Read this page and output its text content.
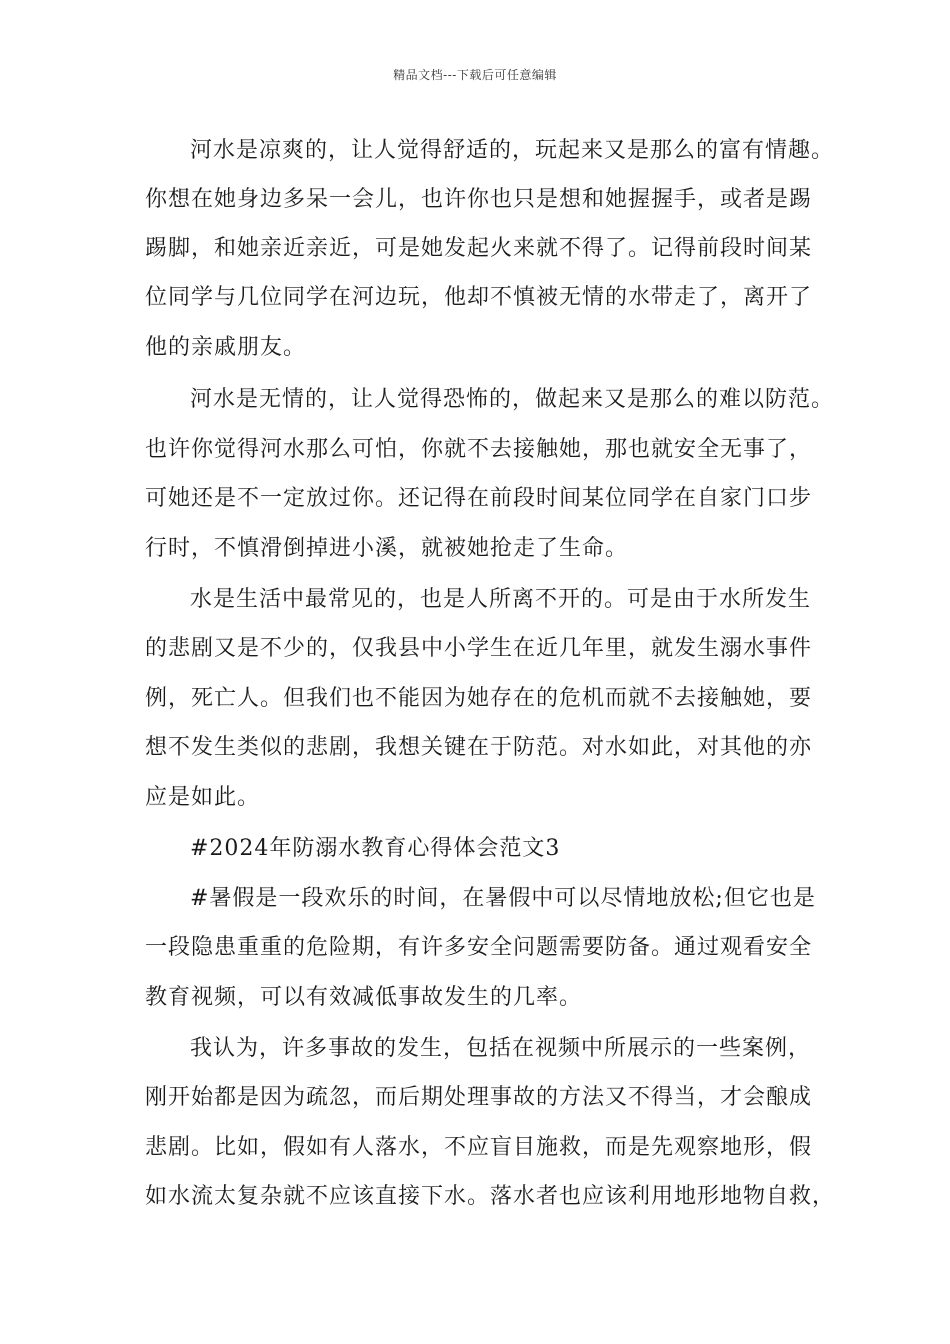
精品文档---下载后可任意编辑
河水是凉爽的，让人觉得舒适的，玩起来又是那么的富有情趣。
你想在她身边多呆一会儿，也许你也只是想和她握握手，或者是踢
踢脚，和她亲近亲近，可是她发起火来就不得了。记得前段时间某
位同学与几位同学在河边玩，他却不慎被无情的水带走了，离开了
他的亲戚朋友。
河水是无情的，让人觉得恐怖的，做起来又是那么的难以防范。
也许你觉得河水那么可怕，你就不去接触她，那也就安全无事了，
可她还是不一定放过你。还记得在前段时间某位同学在自家门口步
行时，不慎滑倒掉进小溪，就被她抢走了生命。
水是生活中最常见的，也是人所离不开的。可是由于水所发生
的悲剧又是不少的，仅我县中小学生在近几年里，就发生溺水事件
例，死亡人。但我们也不能因为她存在的危机而就不去接触她，要
想不发生类似的悲剧，我想关键在于防范。对水如此，对其他的亦
应是如此。
#2024年防溺水教育心得体会范文3
#暑假是一段欢乐的时间，在暑假中可以尽情地放松;但它也是
一段隐患重重的危险期，有许多安全问题需要防备。通过观看安全
教育视频，可以有效减低事故发生的几率。
我认为，许多事故的发生，包括在视频中所展示的一些案例，
刚开始都是因为疏忽，而后期处理事故的方法又不得当，才会酿成
悲剧。比如，假如有人落水，不应盲目施救，而是先观察地形，假
如水流太复杂就不应该直接下水。落水者也应该利用地形地物自救，
